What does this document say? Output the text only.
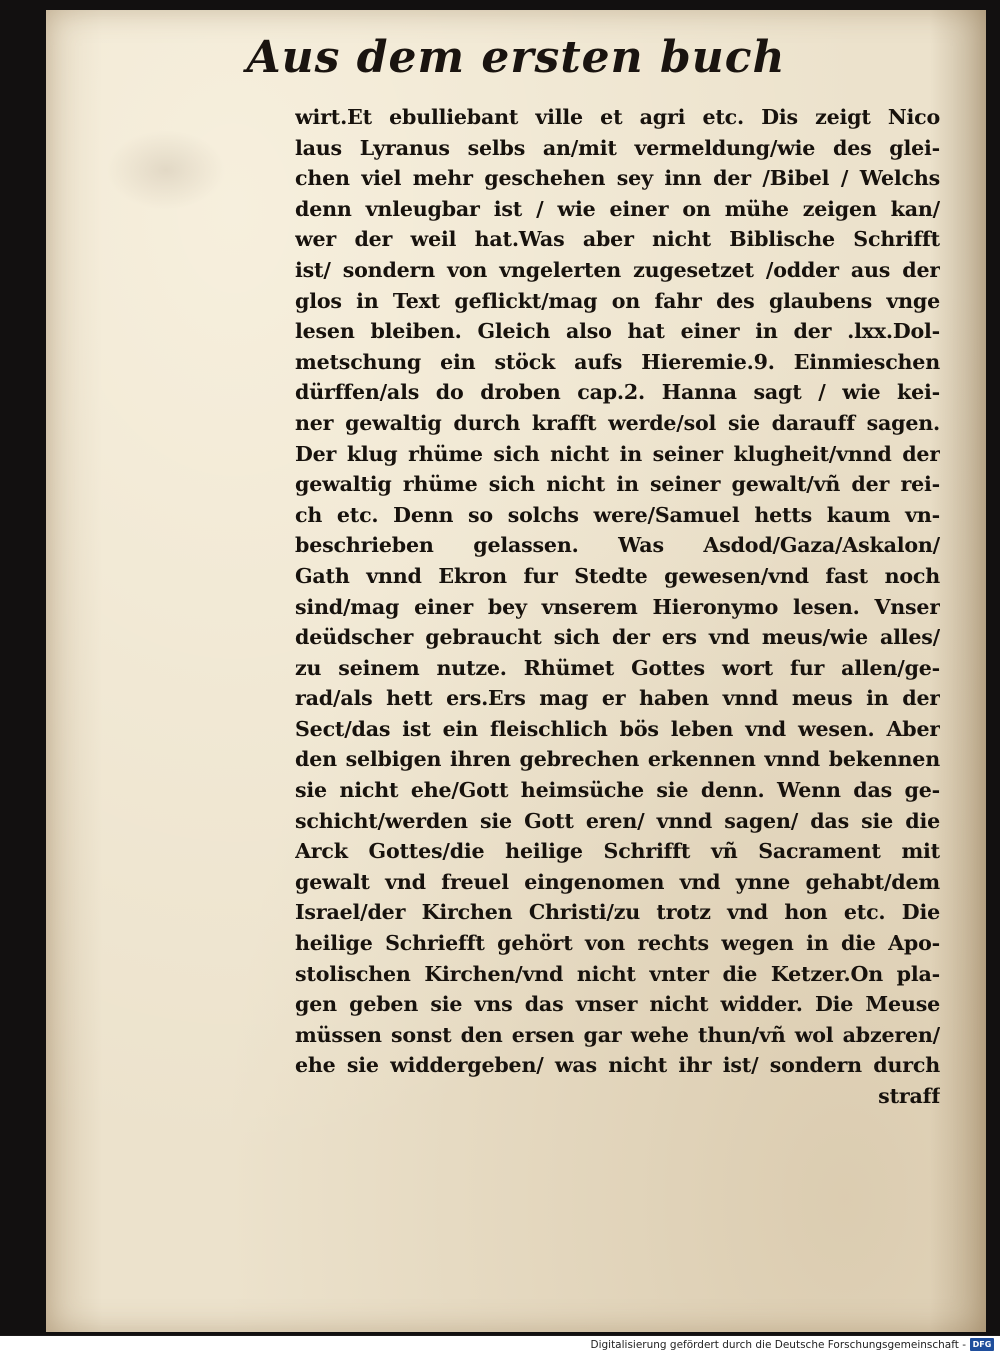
Aus dem ersten buch
wirt.Et ebulliebant ville et agri etc. Dis zeigt Nico
laus Lyranus selbs an/mit vermeldung/wie des glei-
chen viel mehr geschehen sey inn der /Bibel / Welchs
denn vnleugbar ist / wie einer on mühe zeigen kan/
wer der weil hat.Was aber nicht Biblische Schrifft
ist/ sondern von vngelerten zugesetzet /odder aus der
glos in Text geflickt/mag on fahr des glaubens vnge
lesen bleiben. Gleich also hat einer in der .lxx.Dol-
metschung ein stöck aufs Hieremie.9. Einmieschen
dürffen/als do droben cap.2. Hanna sagt / wie kei-
ner gewaltig durch krafft werde/sol sie darauff sagen.
Der klug rhüme sich nicht in seiner klugheit/vnnd der
gewaltig rhüme sich nicht in seiner gewalt/vñ der rei-
ch etc. Denn so solchs were/Samuel hetts kaum vn-
beschrieben gelassen. Was Asdod/Gaza/Askalon/
Gath vnnd Ekron fur Stedte gewesen/vnd fast noch
sind/mag einer bey vnserem Hieronymo lesen. Vnser
deüdscher gebraucht sich der ers vnd meus/wie alles/
zu seinem nutze. Rhümet Gottes wort fur allen/ge-
rad/als hett ers.Ers mag er haben vnnd meus in der
Sect/das ist ein fleischlich bös leben vnd wesen. Aber
den selbigen ihren gebrechen erkennen vnnd bekennen
sie nicht ehe/Gott heimsüche sie denn. Wenn das ge-
schicht/werden sie Gott eren/ vnnd sagen/ das sie die
Arck Gottes/die heilige Schrifft vñ Sacrament mit
gewalt vnd freuel eingenomen vnd ynne gehabt/dem
Israel/der Kirchen Christi/zu trotz vnd hon etc. Die
heilige Schriefft gehört von rechts wegen in die Apo-
stolischen Kirchen/vnd nicht vnter die Ketzer.On pla-
gen geben sie vns das vnser nicht widder. Die Meuse
müssen sonst den ersen gar wehe thun/vñ wol abzeren/
ehe sie widdergeben/ was nicht ihr ist/ sondern durch
straff
Digitalisierung gefördert durch die Deutsche Forschungsgemeinschaft - DFG
